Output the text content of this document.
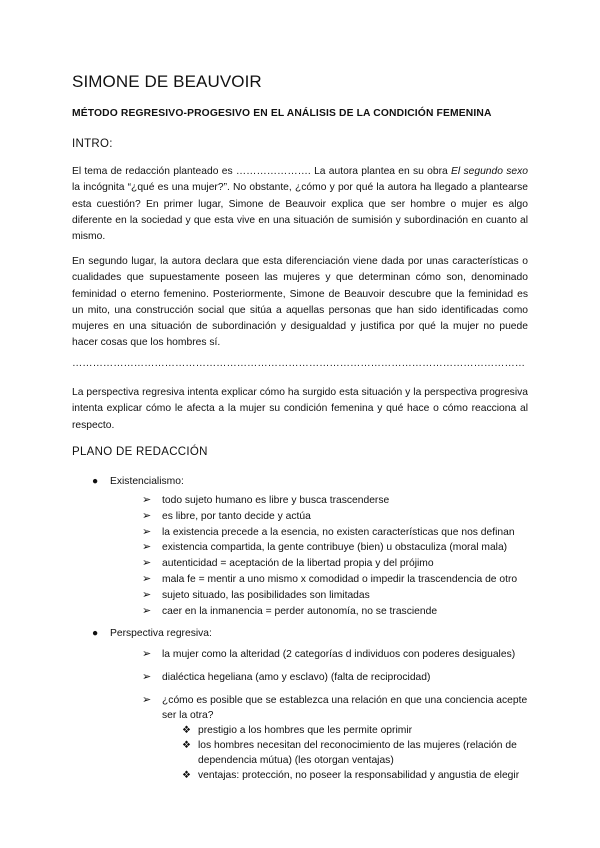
SIMONE DE BEAUVOIR
MÉTODO REGRESIVO-PROGESIVO EN EL ANÁLISIS DE LA CONDICIÓN FEMENINA
INTRO:

El tema de redacción planteado es …………………. La autora plantea en su obra El segundo sexo la incógnita “¿qué es una mujer?”. No obstante, ¿cómo y por qué la autora ha llegado a plantearse esta cuestión? En primer lugar, Simone de Beauvoir explica que ser hombre o mujer es algo diferente en la sociedad y que esta vive en una situación de sumisión y subordinación en cuanto al mismo.

En segundo lugar, la autora declara que esta diferenciación viene dada por unas características o cualidades que supuestamente poseen las mujeres y que determinan cómo son, denominado feminidad o eterno femenino. Posteriormente, Simone de Beauvoir descubre que la feminidad es un mito, una construcción social que sitúa a aquellas personas que han sido identificadas como mujeres en una situación de subordinación y desigualdad y justifica por qué la mujer no puede hacer cosas que los hombres sí.

……………………………………………………………………………………………………………………

La perspectiva regresiva intenta explicar cómo ha surgido esta situación y la perspectiva progresiva intenta explicar cómo le afecta a la mujer su condición femenina y qué hace o cómo reacciona al respecto.

PLANO DE REDACCIÓN
● Existencialismo:
➢ todo sujeto humano es libre y busca trascenderse
➢ es libre, por tanto decide y actúa
➢ la existencia precede a la esencia, no existen características que nos definan
➢ existencia compartida, la gente contribuye (bien) u obstaculiza (moral mala)
➢ autenticidad = aceptación de la libertad propia y del prójimo
➢ mala fe = mentir a uno mismo x comodidad o impedir la trascendencia de otro
➢ sujeto situado, las posibilidades son limitadas
➢ caer en la inmanencia = perder autonomía, no se trasciende
● Perspectiva regresiva:
➢ la mujer como la alteridad (2 categorías d individuos con poderes desiguales)
➢ dialéctica hegeliana (amo y esclavo) (falta de reciprocidad)
➢ ¿cómo es posible que se establezca una relación en que una conciencia acepte ser la otra?
❖ prestigio a los hombres que les permite oprimir
❖ los hombres necesitan del reconocimiento de las mujeres (relación de dependencia mútua) (les otorgan ventajas)
❖ ventajas: protección, no poseer la responsabilidad y angustia de elegir
